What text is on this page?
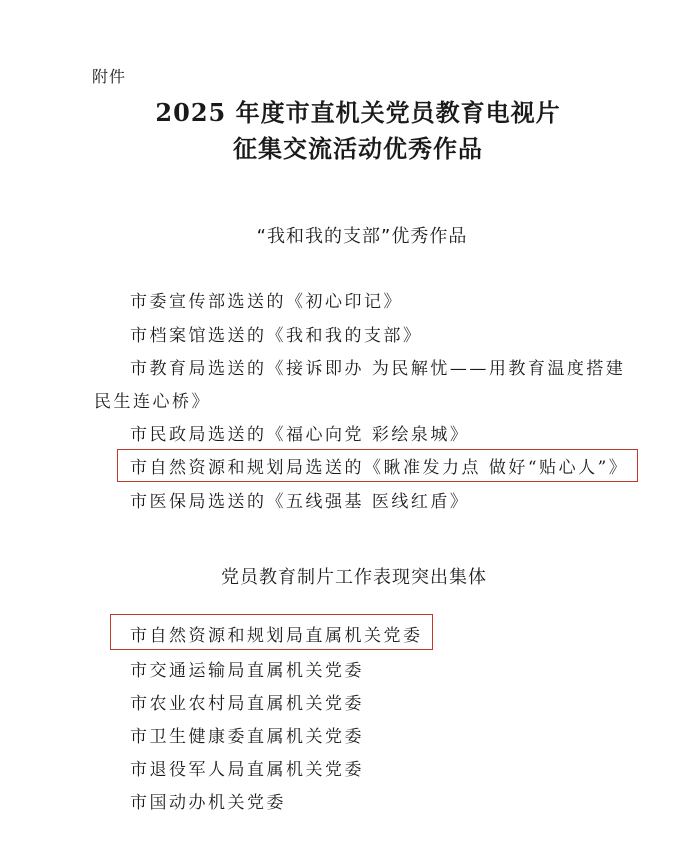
附件
2025 年度市直机关党员教育电视片
征集交流活动优秀作品
“我和我的支部”优秀作品
市委宣传部选送的《初心印记》
市档案馆选送的《我和我的支部》
市教育局选送的《接诉即办 为民解忧——用教育温度搭建
民生连心桥》
市民政局选送的《福心向党 彩绘泉城》
市自然资源和规划局选送的《瞅准发力点 做好“贴心人”》
市医保局选送的《五线强基 医线红盾》
党员教育制片工作表现突出集体
市自然资源和规划局直属机关党委
市交通运输局直属机关党委
市农业农村局直属机关党委
市卫生健康委直属机关党委
市退役军人局直属机关党委
市国动办机关党委
